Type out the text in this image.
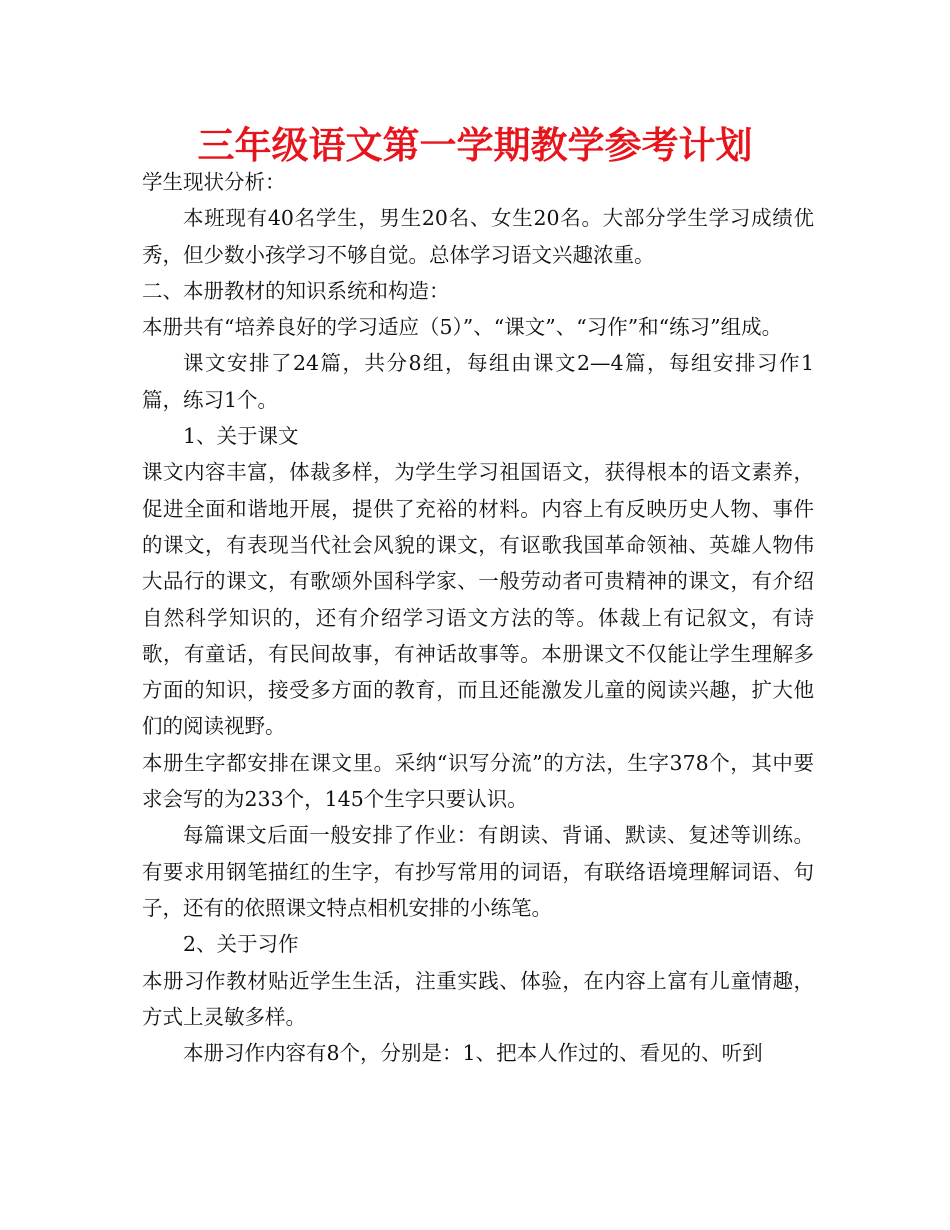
三年级语文第一学期教学参考计划

学生现状分析：

本班现有40名学生，男生20名、女生20名。大部分学生学习成绩优秀，但少数小孩学习不够自觉。总体学习语文兴趣浓重。

二、本册教材的知识系统和构造：

本册共有“培养良好的学习适应（5）”、“课文”、“习作”和“练习”组成。

课文安排了24篇，共分8组，每组由课文2—4篇，每组安排习作1篇，练习1个。

1、关于课文

课文内容丰富，体裁多样，为学生学习祖国语文，获得根本的语文素养，促进全面和谐地开展，提供了充裕的材料。内容上有反映历史人物、事件的课文，有表现当代社会风貌的课文，有讴歌我国革命领袖、英雄人物伟大品行的课文，有歌颂外国科学家、一般劳动者可贵精神的课文，有介绍自然科学知识的，还有介绍学习语文方法的等。体裁上有记叙文，有诗歌，有童话，有民间故事，有神话故事等。本册课文不仅能让学生理解多方面的知识，接受多方面的教育，而且还能激发儿童的阅读兴趣，扩大他们的阅读视野。

本册生字都安排在课文里。采纳“识写分流”的方法，生字378个，其中要求会写的为233个，145个生字只要认识。

每篇课文后面一般安排了作业：有朗读、背诵、默读、复述等训练。有要求用钢笔描红的生字，有抄写常用的词语，有联络语境理解词语、句子，还有的依照课文特点相机安排的小练笔。

2、关于习作

本册习作教材贴近学生生活，注重实践、体验，在内容上富有儿童情趣，方式上灵敏多样。

本册习作内容有8个，分别是：1、把本人作过的、看见的、听到
